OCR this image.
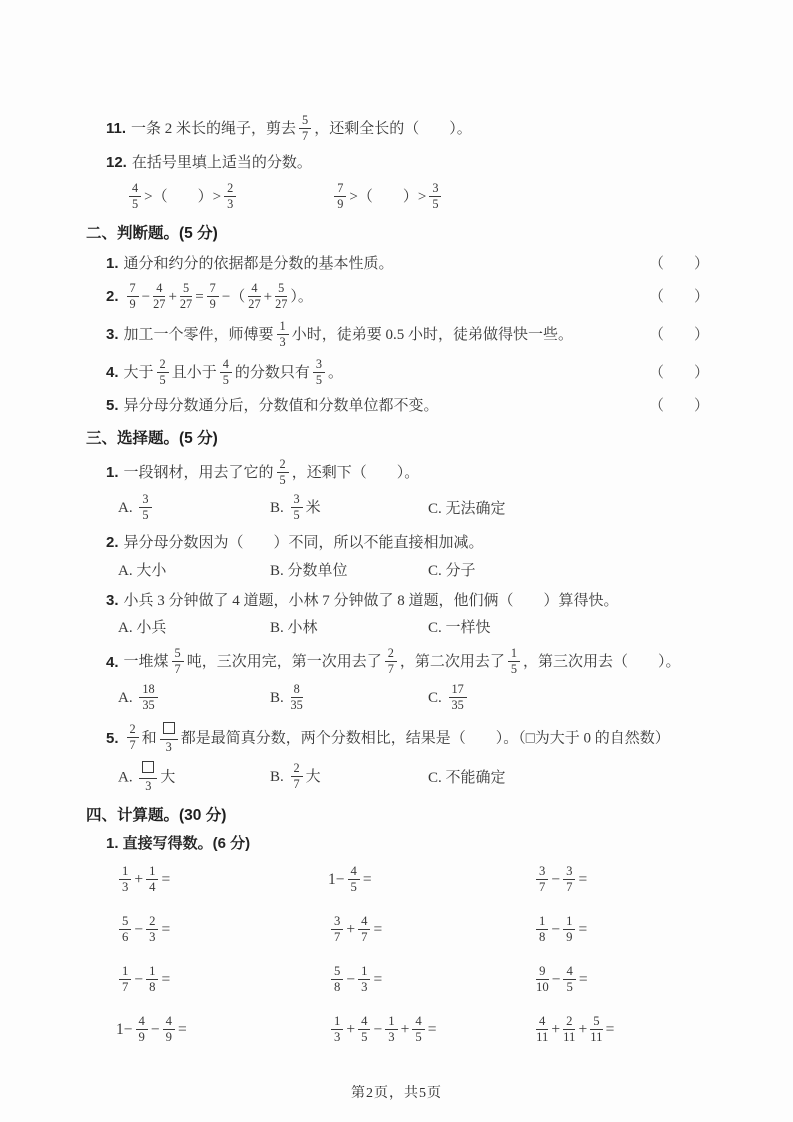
11. 一条 2 米长的绳子，剪去 $\frac{5}{7}$ ，还剩全长的（　　）。
12. 在括号里填上适当的分数。
$\frac{4}{5}$ >（　　）> $\frac{2}{3}$	$\frac{7}{9}$ >（　　）> $\frac{3}{5}$
二、判断题。(5 分)
1. 通分和约分的依据都是分数的基本性质。	（　　）
2. $\frac{7}{9} - \frac{4}{27} + \frac{5}{27} = \frac{7}{9}$ −（ $\frac{4}{27} + \frac{5}{27}$ ）。	（　　）
3. 加工一个零件，师傅要 $\frac{1}{3}$ 小时，徒弟要 0.5 小时，徒弟做得快一些。	（　　）
4. 大于 $\frac{2}{5}$ 且小于 $\frac{4}{5}$ 的分数只有 $\frac{3}{5}$ 。	（　　）
5. 异分母分数通分后，分数值和分数单位都不变。	（　　）
三、选择题。(5 分)
1. 一段钢材，用去了它的 $\frac{2}{5}$ ，还剩下（　　）。
A. $\frac{3}{5}$	B. $\frac{3}{5}$ 米	C. 无法确定
2. 异分母分数因为（　　）不同，所以不能直接相加减。
A. 大小	B. 分数单位	C. 分子
3. 小兵 3 分钟做了 4 道题，小林 7 分钟做了 8 道题，他们俩（　　）算得快。
A. 小兵	B. 小林	C. 一样快
4. 一堆煤 $\frac{5}{7}$ 吨，三次用完，第一次用去了 $\frac{2}{7}$ ，第二次用去了 $\frac{1}{5}$ ，第三次用去（　　）。
A. $\frac{18}{35}$	B. $\frac{8}{35}$	C. $\frac{17}{35}$
5. $\frac{2}{7}$ 和
3
都是最简真分数，两个分数相比，结果是（　　）。（□为大于 0 的自然数）
A.
3
大	B. $\frac{2}{7}$ 大	C. 不能确定
四、计算题。(30 分)
1. 直接写得数。(6 分)
$\frac{1}{3} + \frac{1}{4}$ =	$1- \frac{4}{5}$ =	$\frac{3}{7} - \frac{3}{7}$ =
$\frac{5}{6} - \frac{2}{3}$ =	$\frac{3}{7} + \frac{4}{7}$ =	$\frac{1}{8} - \frac{1}{9}$ =
$\frac{1}{7} - \frac{1}{8}$ =	$\frac{5}{8} - \frac{1}{3}$ =	$\frac{9}{10} - \frac{4}{5}$ =
$1- \frac{4}{9} - \frac{4}{9}$ =	$\frac{1}{3} + \frac{4}{5} - \frac{1}{3} + \frac{4}{5}$ =	$\frac{4}{11} + \frac{2}{11} + \frac{5}{11}$ =
第2页，共5页
